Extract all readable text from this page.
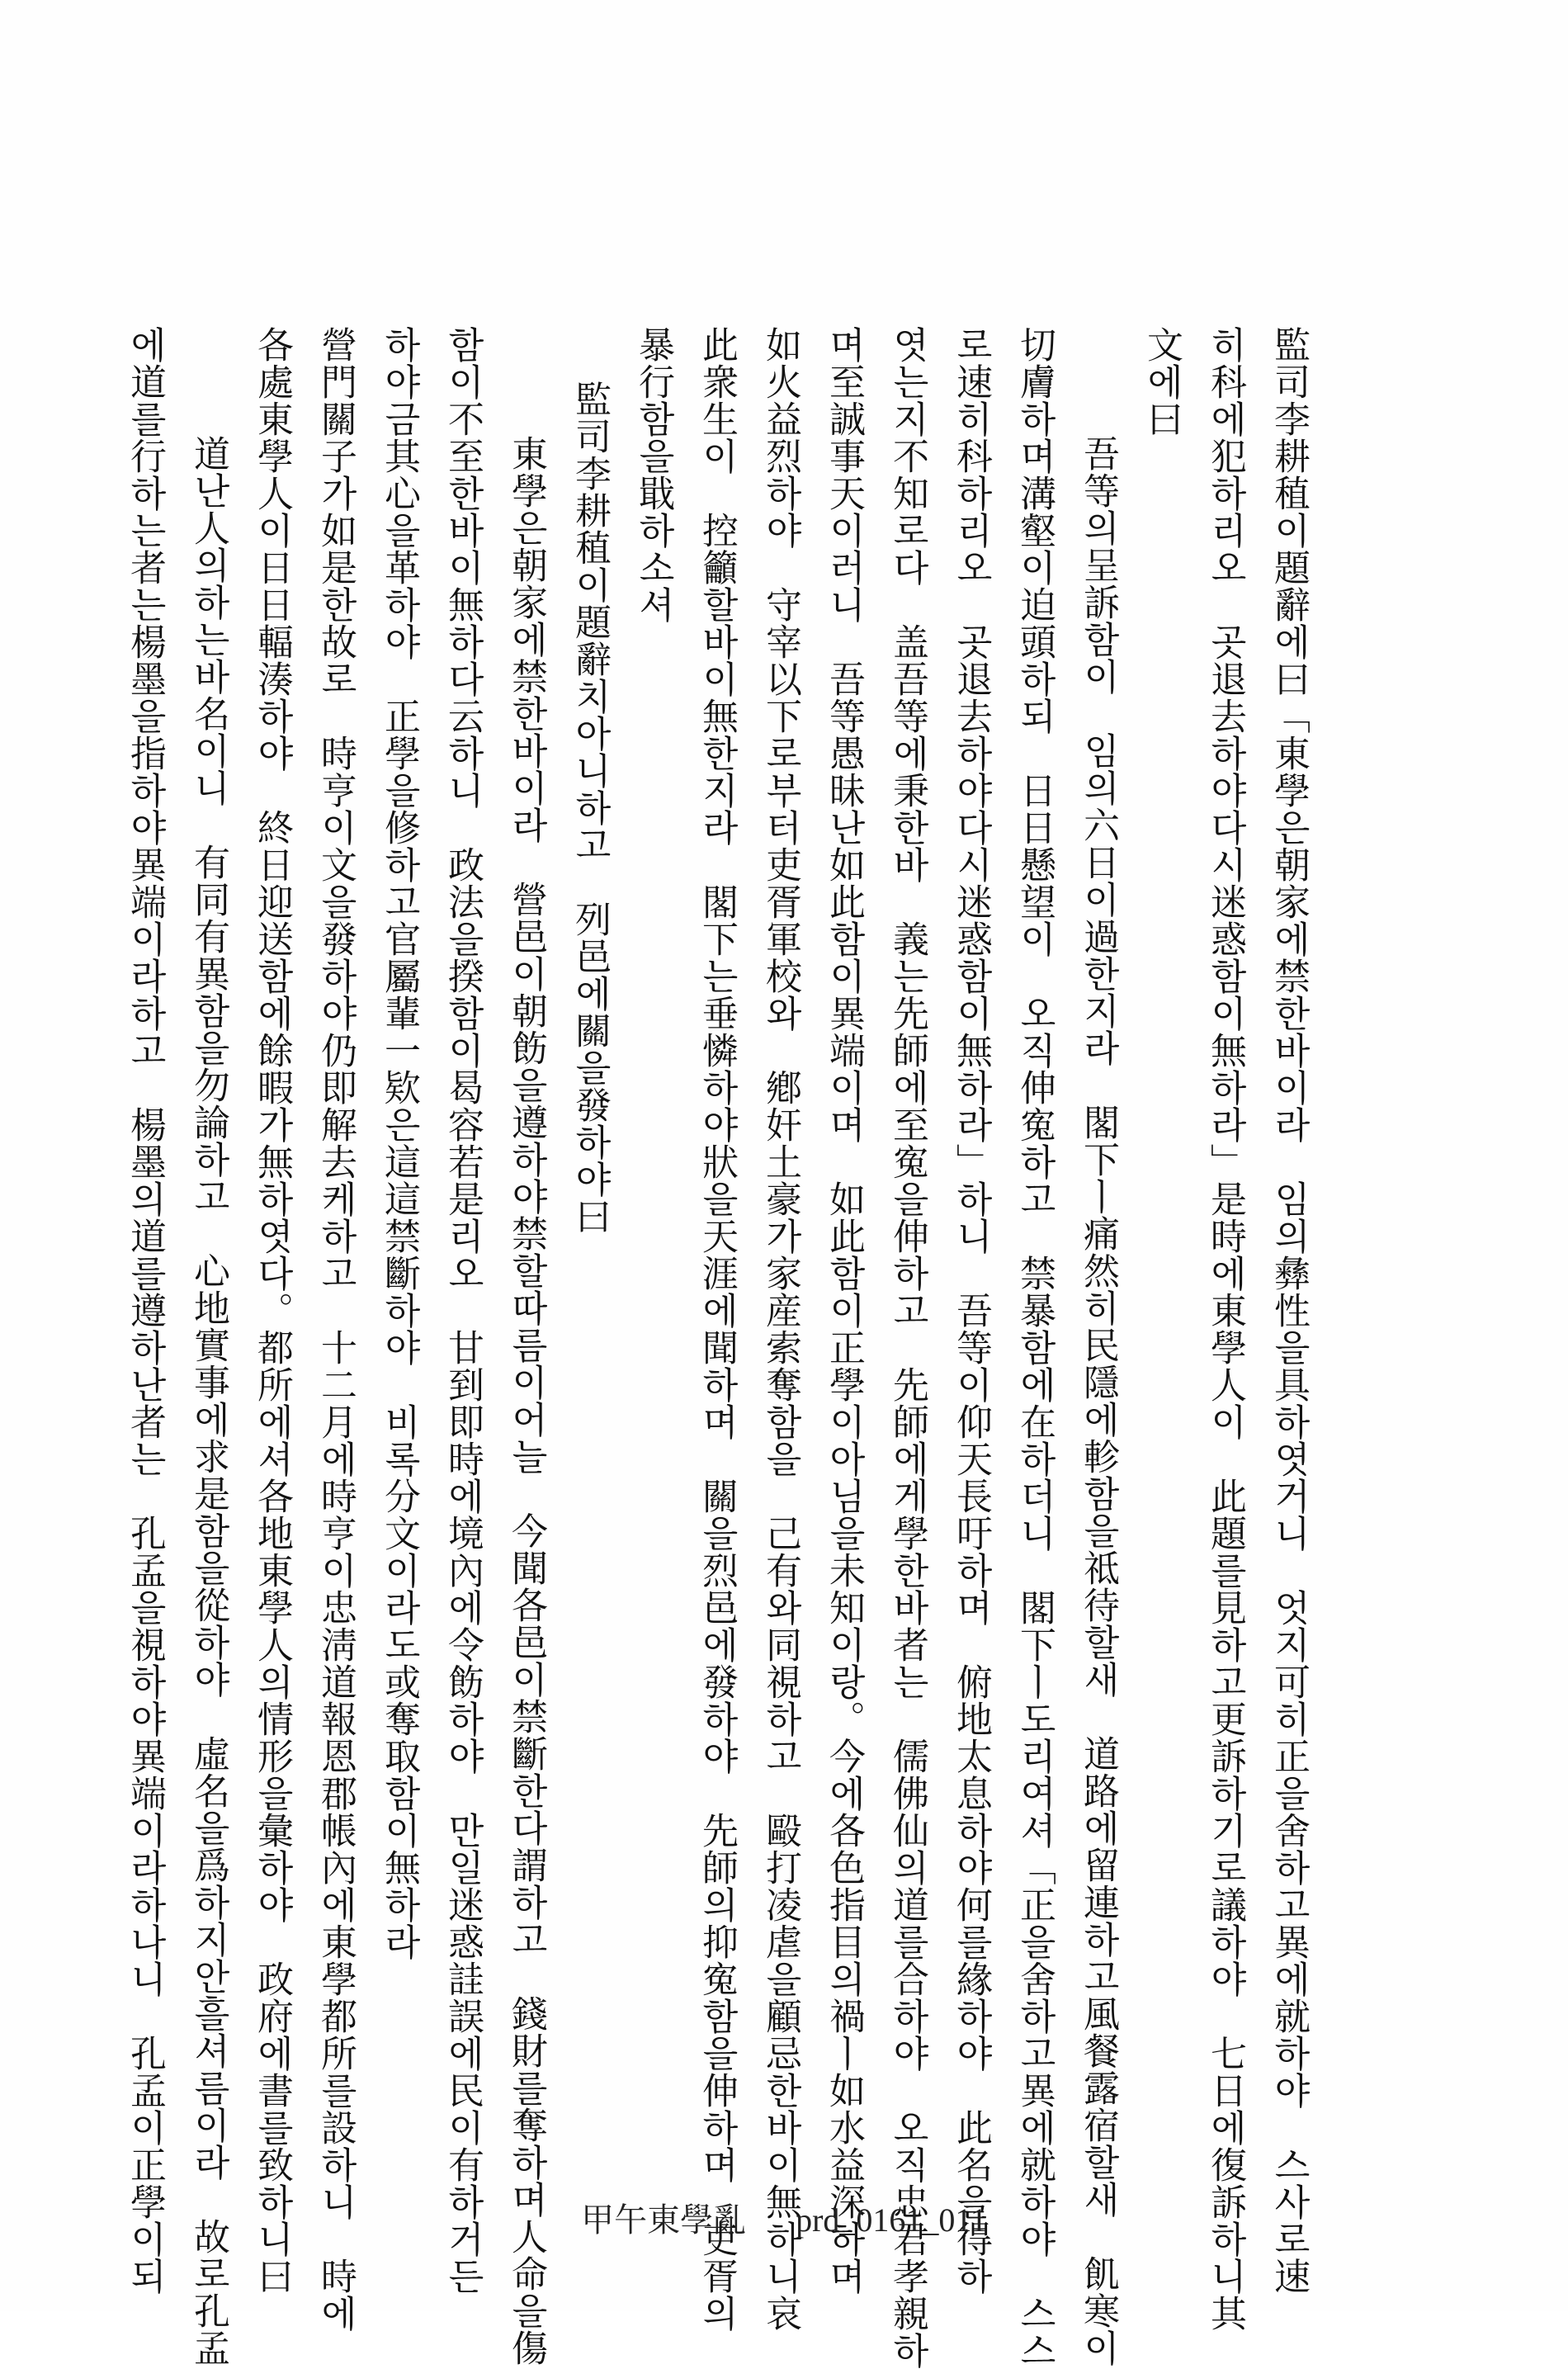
監司李耕稙이題辭에曰「東學은朝家에禁한바이라　임의彝性을具하엿거니　엇지可히正을舍하고異에就하야　스사로速
히科에犯하리오　곳退去하야다시迷惑함이無하라」是時에東學人이　此題를見하고更訴하기로議하야　七日에復訴하니其
文에曰
吾等의呈訴함이　임의六日이過한지라　閣下ㅣ痛然히民隱에軫함을祗待할새　道路에留連하고風餐露宿할새　飢寒이
切膚하며溝壑이迫頭하되　日日懸望이　오직伸寃하고　禁暴함에在하더니　閣下ㅣ도리여셔「正을舍하고異에就하야　스스
로速히科하리오　곳退去하야다시迷惑함이無하라」하니　吾等이仰天長吁하며　俯地太息하야何를緣하야　此名을得하
엿는지不知로다　盖吾等에秉한바　義는先師에至寃을伸하고　先師에게學한바者는　儒佛仙의道를合하야　오직忠君孝親하
며至誠事天이러니　吾等愚昧난如此함이異端이며　如此함이正學이아님을未知이랑。今에各色指目의禍ㅣ如水益深하며
如火益烈하야　守宰以下로부터吏胥軍校와　鄕奸土豪가家産索奪함을　己有와同視하고　毆打凌虐을顧忌한바이無하니哀
此衆生이　控籲할바이無한지라　閣下는垂憐하야狀을天涯에聞하며　關을烈邑에發하야　先師의抑寃함을伸하며　吏胥의
暴行함을戢하소셔
監司李耕稙이題辭치아니하고　列邑에關을發하야曰
東學은朝家에禁한바이라　營邑이朝飭을遵하야禁할따름이어늘　今聞各邑이禁斷한다謂하고　錢財를奪하며人命을傷
함이不至한바이無하다云하니　政法을揆함이曷容若是리오　甘到即時에境內에令飭하야　만일迷惑詿誤에民이有하거든
하야금其心을革하야　正學을修하고官屬輩一欵은這這禁斷하야　비록分文이라도或奪取함이無하라
營門關子가如是한故로　時亨이文을發하야仍即解去케하고　十二月에時亨이忠淸道報恩郡帳內에東學都所를設하니　時에
各處東學人이日日輻湊하야　終日迎送함에餘暇가無하엿다。都所에셔各地東學人의情形을彙하야　政府에書를致하니曰
道난人의하는바名이니　有同有異함을勿論하고　心地實事에求是함을從하야　虛名을爲하지안흘셔름이라　故로孔孟
에道를行하는者는楊墨을指하야異端이라하고　楊墨의道를遵하난者는　孔孟을視하야異端이라하나니　孔孟이正學이되	甲午東學亂 prd_0161_011
